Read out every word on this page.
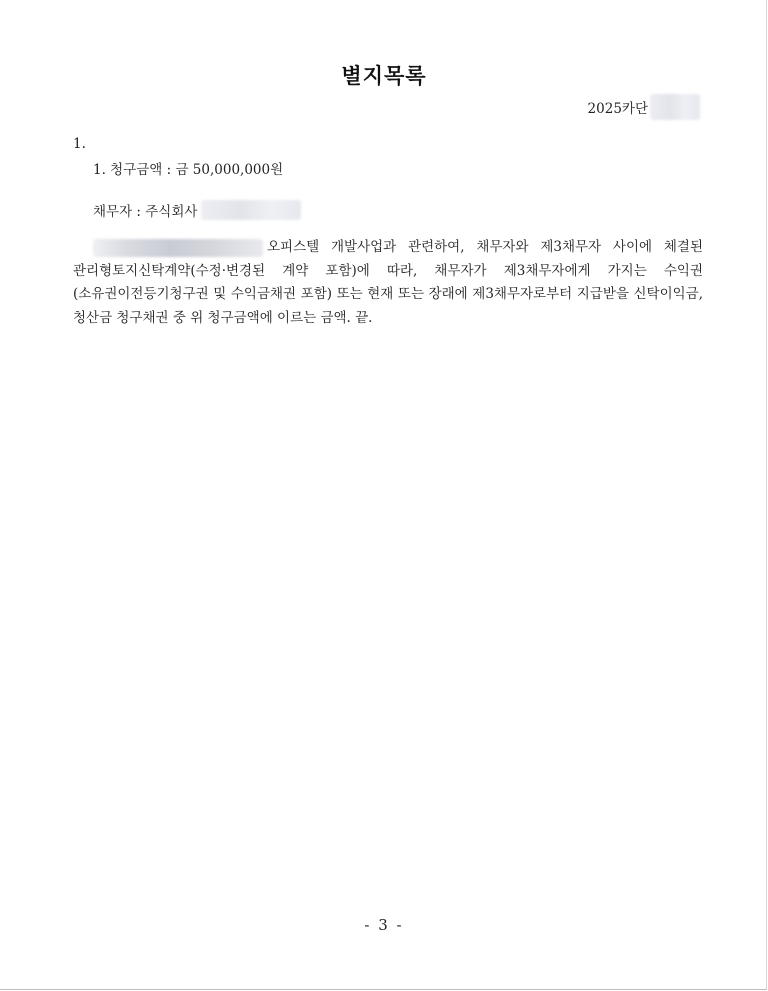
별지목록
2025카단
1.
1. 청구금액 : 금 50,000,000원
채무자 : 주식회사
오피스텔 개발사업과 관련하여, 채무자와 제3채무자 사이에 체결된 관리형토지신탁계약(수정·변경된 계약 포함)에 따라, 채무자가 제3채무자에게 가지는 수익권(소유권이전등기청구권 및 수익금채권 포함) 또는 현재 또는 장래에 제3채무자로부터 지급받을 신탁이익금, 청산금 청구채권 중 위 청구금액에 이르는 금액. 끝.
- 3 -
